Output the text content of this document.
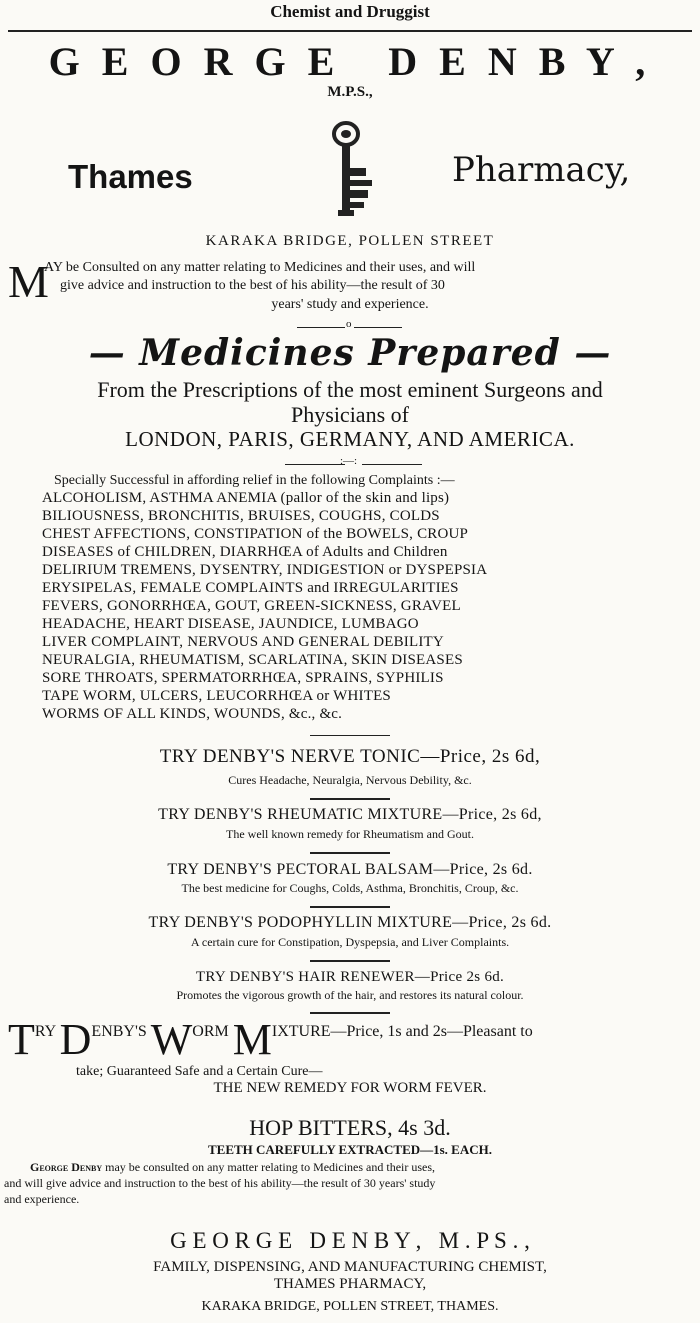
Chemist and Druggist
G E O R G E   D E N B Y ,
M.P.S.,
Thames	Pharmacy,
KARAKA BRIDGE, POLLEN STREET
M
AY be Consulted on any matter relating to Medicines and their uses, and will
give advice and instruction to the best of his ability—the result of 30
years' study and experience.
o
— Medicines Prepared —
From the Prescriptions of the most eminent Surgeons and
Physicians of
LONDON, PARIS, GERMANY, AND AMERICA.
:—:
Specially Successful in affording relief in the following Complaints :—
ALCOHOLISM, ASTHMA ANEMIA (pallor of the skin and lips)
BILIOUSNESS, BRONCHITIS, BRUISES, COUGHS, COLDS
CHEST AFFECTIONS, CONSTIPATION of the BOWELS, CROUP
DISEASES of CHILDREN, DIARRHŒA of Adults and Children
DELIRIUM TREMENS, DYSENTRY, INDIGESTION or DYSPEPSIA
ERYSIPELAS, FEMALE COMPLAINTS and IRREGULARITIES
FEVERS, GONORRHŒA, GOUT, GREEN-SICKNESS, GRAVEL
HEADACHE, HEART DISEASE, JAUNDICE, LUMBAGO
LIVER COMPLAINT, NERVOUS AND GENERAL DEBILITY
NEURALGIA, RHEUMATISM, SCARLATINA, SKIN DISEASES
SORE THROATS, SPERMATORRHŒA, SPRAINS, SYPHILIS
TAPE WORM, ULCERS, LEUCORRHŒA or WHITES
WORMS OF ALL KINDS, WOUNDS, &c., &c.
TRY DENBY'S NERVE TONIC—Price, 2s 6d,
Cures Headache, Neuralgia, Nervous Debility, &c.
TRY DENBY'S RHEUMATIC MIXTURE—Price, 2s 6d,
The well known remedy for Rheumatism and Gout.
TRY DENBY'S PECTORAL BALSAM—Price, 2s 6d.
The best medicine for Coughs, Colds, Asthma, Bronchitis, Croup, &c.
TRY DENBY'S PODOPHYLLIN MIXTURE—Price, 2s 6d.
A certain cure for Constipation, Dyspepsia, and Liver Complaints.
TRY DENBY'S HAIR RENEWER—Price 2s 6d.
Promotes the vigorous growth of the hair, and restores its natural colour.
TRY DENBY'S WORM MIXTURE—Price, 1s and 2s—Pleasant to
take; Guaranteed Safe and a Certain Cure—
THE NEW REMEDY FOR WORM FEVER.
HOP BITTERS, 4s 3d.
TEETH CAREFULLY EXTRACTED—1s. EACH.
George Denby may be consulted on any matter relating to Medicines and their uses,
and will give advice and instruction to the best of his ability—the result of 30 years' study
and experience.
G E O R G E   D E N B Y ,   M . P S . ,
FAMILY, DISPENSING, AND MANUFACTURING CHEMIST,
THAMES PHARMACY,
KARAKA BRIDGE, POLLEN STREET, THAMES.
